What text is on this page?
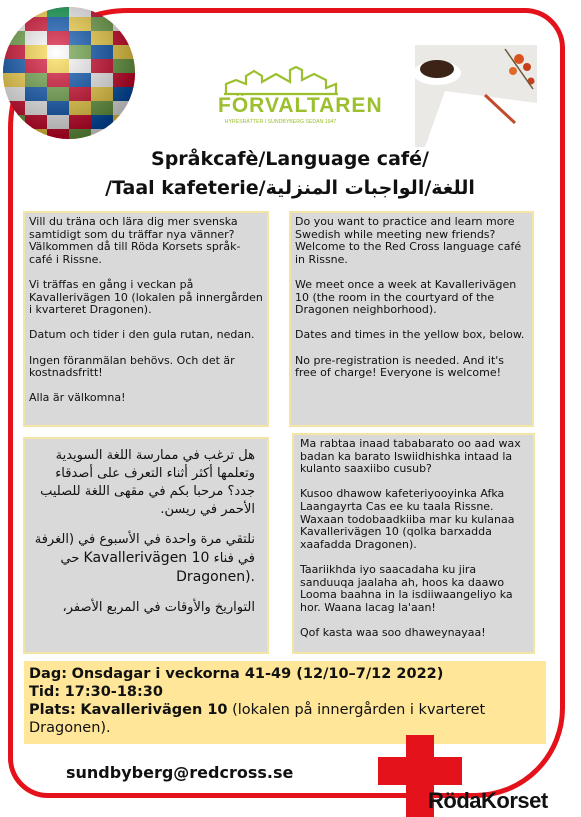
FÖRVALTAREN
HYRESRÄTTER I SUNDBYBERG SEDAN 1947
Språkcafè/Language café/
اللغة/الواجبات المنزلية/Taal kafeterie/

Vill du träna och lära dig mer svenska samtidigt som du träffar nya vänner? Välkommen då till Röda Korsets språk-café i Rissne.

Vi träffas en gång i veckan på Kavallerivägen 10 (lokalen på innergården i kvarteret Dragonen).

Datum och tider i den gula rutan, nedan.

Ingen föranmälan behövs. Och det är kostnadsfritt!

Alla är välkomna!

Do you want to practice and learn more Swedish while meeting new friends? Welcome to the Red Cross language café in Rissne.

We meet once a week at Kavallerivägen 10 (the room in the courtyard of the Dragonen neighborhood).

Dates and times in the yellow box, below.

No pre-registration is needed. And it's free of charge! Everyone is welcome!

هل ترغب في ممارسة اللغة السويدية وتعلمها أكثر أثناء التعرف على أصدقاء جدد؟ مرحبا بكم في مقهى اللغة للصليب الأحمر في ريسن.

نلتقي مرة واحدة في الأسبوع في (الغرفة في فناء Kavallerivägen 10 حي Dragonen).

التواريخ والأوقات في المربع الأصفر،

Ma rabtaa inaad tababarato oo aad wax badan ka barato Iswiidhishka intaad la kulanto saaxiibo cusub?

Kusoo dhawow kafeteriyooyinka Afka Laangayrta Cas ee ku taala Rissne. Waxaan todobaadkiiba mar ku kulanaa Kavallerivägen 10 (qolka barxadda xaafadda Dragonen).

Taariikhda iyo saacadaha ku jira sanduuqa jaalaha ah, hoos ka daawo Looma baahna in la isdiiwaangeliyo ka hor. Waana lacag la'aan!

Qof kasta waa soo dhaweynayaa!

Dag: Onsdagar i veckorna 41-49 (12/10–7/12 2022)
Tid: 17:30-18:30
Plats: Kavallerivägen 10 (lokalen på innergården i kvarteret Dragonen).
sundbyberg@redcross.se
RödaKorset
